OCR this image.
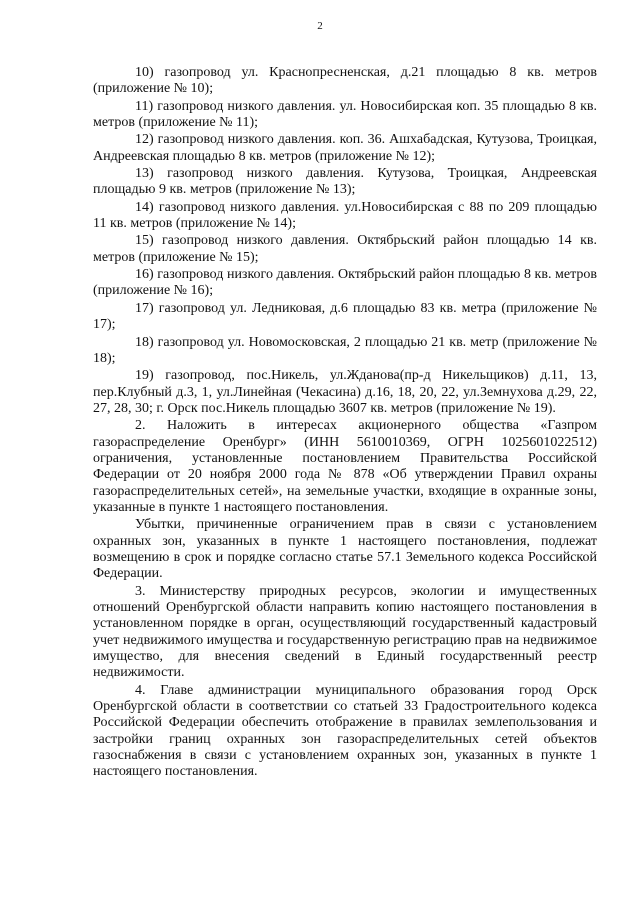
2

10) газопровод ул. Краснопресненская, д.21 площадью 8 кв. метров (приложение № 10);

11) газопровод низкого давления. ул. Новосибирская коп. 35 площадью 8 кв. метров (приложение № 11);

12) газопровод низкого давления. коп. 36. Ашхабадская, Кутузова, Троицкая, Андреевская площадью 8 кв. метров (приложение № 12);

13) газопровод низкого давления. Кутузова, Троицкая, Андреевская площадью 9 кв. метров (приложение № 13);

14) газопровод низкого давления. ул.Новосибирская с 88 по 209 площадью 11 кв. метров (приложение № 14);

15) газопровод низкого давления. Октябрьский район площадью 14 кв. метров (приложение № 15);

16) газопровод низкого давления. Октябрьский район площадью 8 кв. метров (приложение № 16);

17) газопровод ул. Ледниковая, д.6 площадью 83 кв. метра (приложение № 17);

18) газопровод ул. Новомосковская, 2 площадью 21 кв. метр (приложение № 18);

19) газопровод, пос.Никель, ул.Жданова(пр-д Никельщиков) д.11, 13, пер.Клубный д.3, 1, ул.Линейная (Чекасина) д.16, 18, 20, 22, ул.Земнухова д.29, 22, 27, 28, 30; г. Орск пос.Никель площадью 3607 кв. метров (приложение № 19).

2. Наложить в интересах акционерного общества «Газпром газораспределение Оренбург» (ИНН 5610010369, ОГРН 1025601022512) ограничения, установленные постановлением Правительства Российской Федерации от 20 ноября 2000 года № 878 «Об утверждении Правил охраны газораспределительных сетей», на земельные участки, входящие в охранные зоны, указанные в пункте 1 настоящего постановления.

Убытки, причиненные ограничением прав в связи с установлением охранных зон, указанных в пункте 1 настоящего постановления, подлежат возмещению в срок и порядке согласно статье 57.1 Земельного кодекса Российской Федерации.

3. Министерству природных ресурсов, экологии и имущественных отношений Оренбургской области направить копию настоящего постановления в установленном порядке в орган, осуществляющий государственный кадастровый учет недвижимого имущества и государственную регистрацию прав на недвижимое имущество, для внесения сведений в Единый государственный реестр недвижимости.

4. Главе администрации муниципального образования город Орск Оренбургской области в соответствии со статьей 33 Градостроительного кодекса Российской Федерации обеспечить отображение в правилах землепользования и застройки границ охранных зон газораспределительных сетей объектов газоснабжения в связи с установлением охранных зон, указанных в пункте 1 настоящего постановления.
